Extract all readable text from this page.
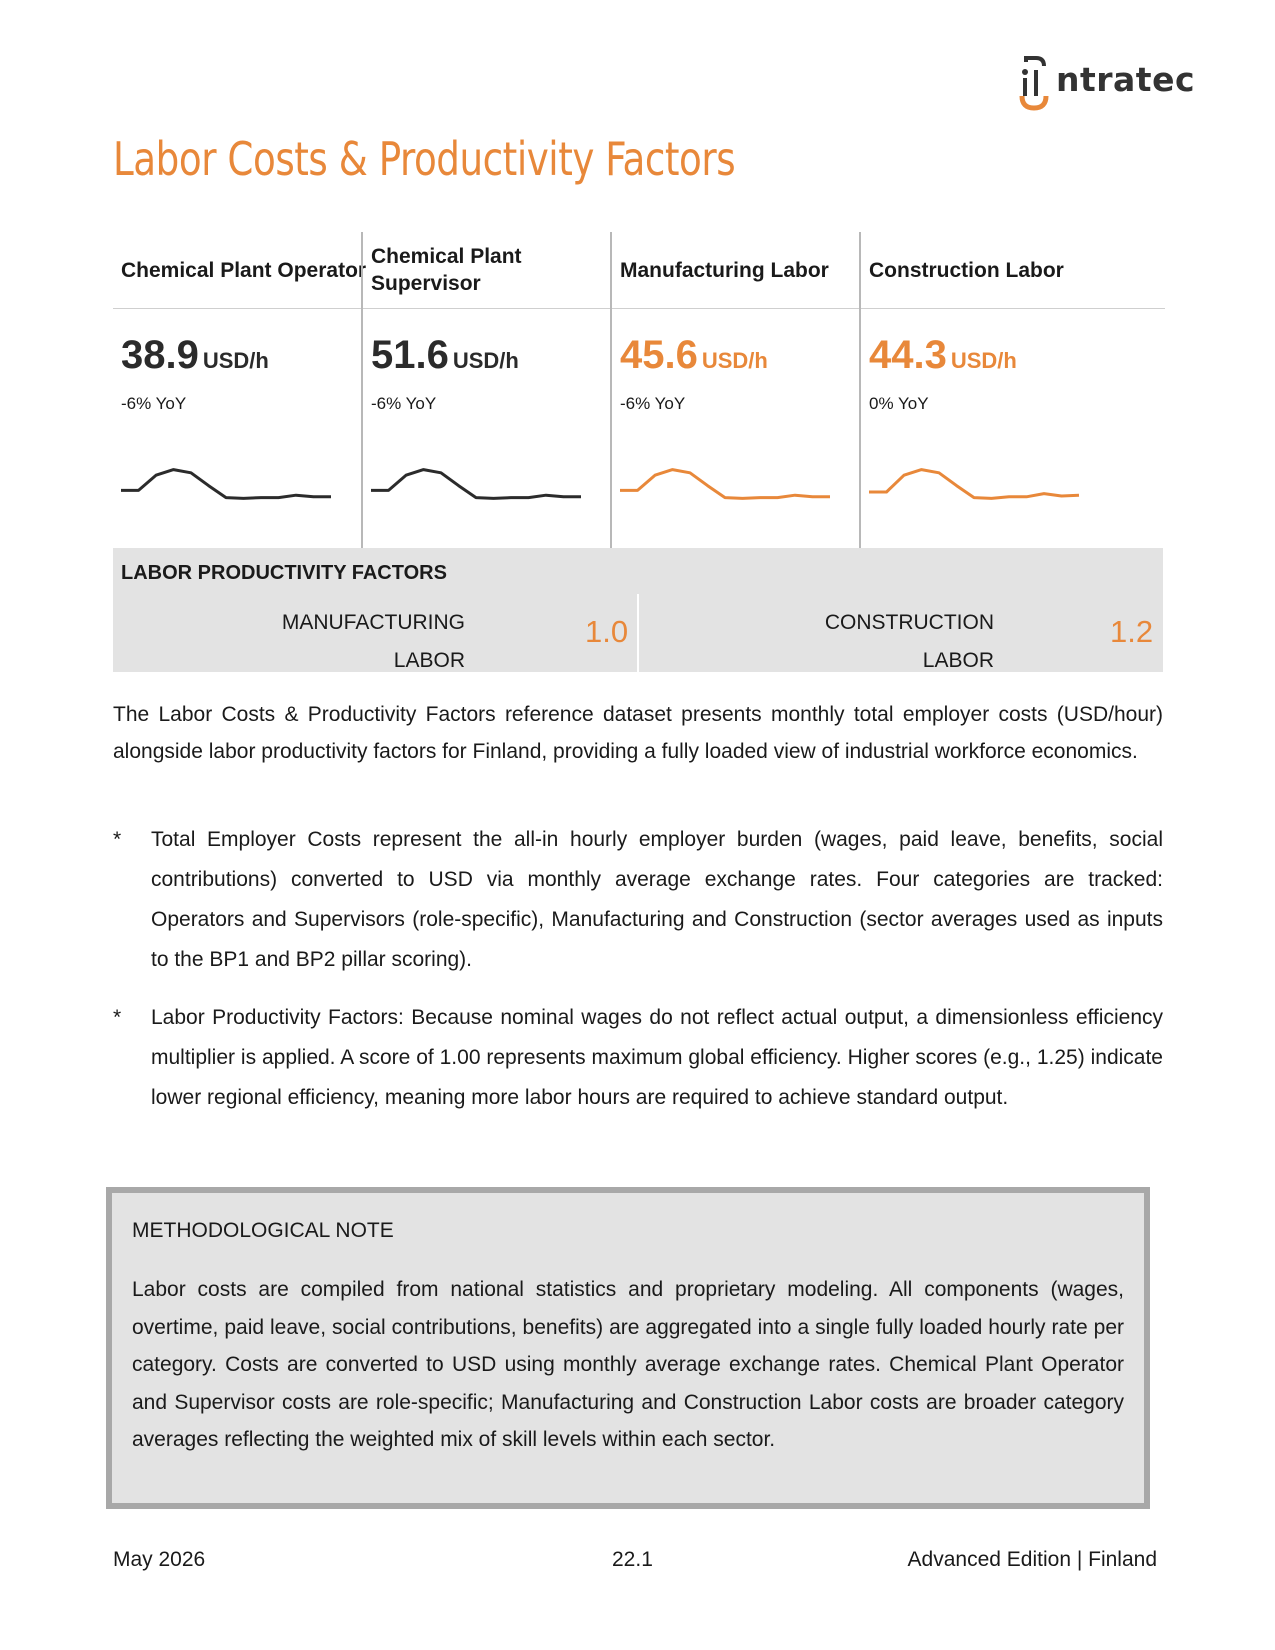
ntratec
Labor Costs & Productivity Factors
Chemical Plant Operator
38.9 USD/h
-6% YoY
Chemical Plant Supervisor
51.6 USD/h
-6% YoY
Manufacturing Labor
45.6 USD/h
-6% YoY
Construction Labor
44.3 USD/h
0% YoY
LABOR PRODUCTIVITY FACTORS
MANUFACTURING
LABOR
1.0	CONSTRUCTION
LABOR
1.2
The Labor Costs & Productivity Factors reference dataset presents monthly total employer costs (USD/hour) alongside labor productivity factors for Finland, providing a fully loaded view of industrial workforce economics.
* Total Employer Costs represent the all-in hourly employer burden (wages, paid leave, benefits, social contributions) converted to USD via monthly average exchange rates. Four categories are tracked: Operators and Supervisors (role-specific), Manufacturing and Construction (sector averages used as inputs to the BP1 and BP2 pillar scoring).
* Labor Productivity Factors: Because nominal wages do not reflect actual output, a dimensionless efficiency multiplier is applied. A score of 1.00 represents maximum global efficiency. Higher scores (e.g., 1.25) indicate lower regional efficiency, meaning more labor hours are required to achieve standard output.
METHODOLOGICAL NOTE
Labor costs are compiled from national statistics and proprietary modeling. All components (wages, overtime, paid leave, social contributions, benefits) are aggregated into a single fully loaded hourly rate per category. Costs are converted to USD using monthly average exchange rates. Chemical Plant Operator and Supervisor costs are role-specific; Manufacturing and Construction Labor costs are broader category averages reflecting the weighted mix of skill levels within each sector.
May 2026	22.1	Advanced Edition | Finland
